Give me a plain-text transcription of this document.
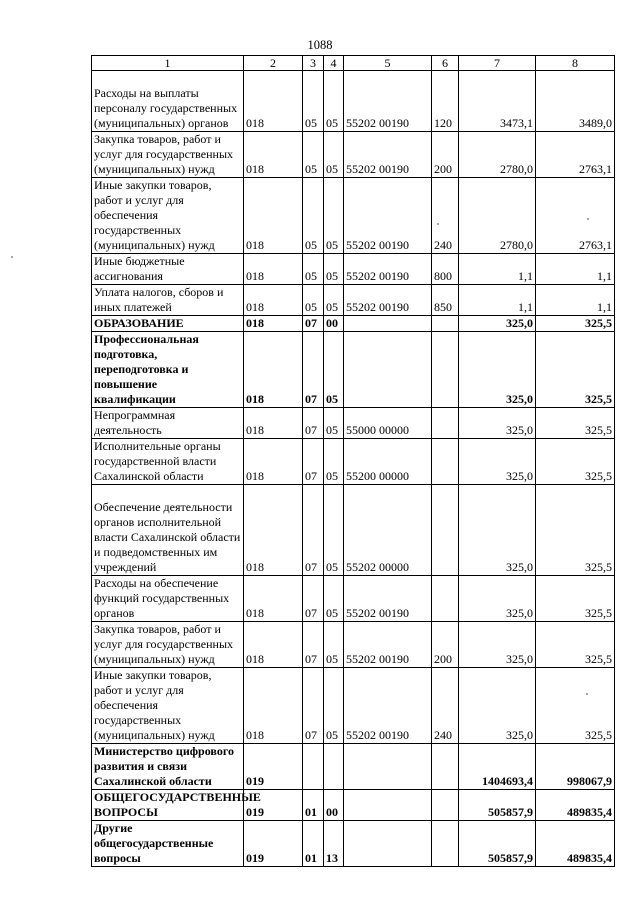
1088
1	2	3	4	5	6	7	8
Расходы на выплаты персоналу государственных (муниципальных) органов	018	05	05	55202 00190	120	3473,1	3489,0
Закупка товаров, работ и услуг для государственных (муниципальных) нужд	018	05	05	55202 00190	200	2780,0	2763,1
Иные закупки товаров, работ и услуг для обеспечения государственных (муниципальных) нужд	018	05	05	55202 00190	240	2780,0	2763,1
Иные бюджетные ассигнования	018	05	05	55202 00190	800	1,1	1,1
Уплата налогов, сборов и иных платежей	018	05	05	55202 00190	850	1,1	1,1
ОБРАЗОВАНИЕ	018	07	00			325,0	325,5
Профессиональная подготовка, переподготовка и повышение квалификации	018	07	05			325,0	325,5
Непрограммная деятельность	018	07	05	55000 00000		325,0	325,5
Исполнительные органы государственной власти Сахалинской области	018	07	05	55200 00000		325,0	325,5
Обеспечение деятельности органов исполнительной власти Сахалинской области и подведомственных им учреждений	018	07	05	55202 00000		325,0	325,5
Расходы на обеспечение функций государственных органов	018	07	05	55202 00190		325,0	325,5
Закупка товаров, работ и услуг для государственных (муниципальных) нужд	018	07	05	55202 00190	200	325,0	325,5
Иные закупки товаров, работ и услуг для обеспечения государственных (муниципальных) нужд	018	07	05	55202 00190	240	325,0	325,5
Министерство цифрового развития и связи Сахалинской области	019					1404693,4	998067,9
ОБЩЕГОСУДАРСТВЕННЫЕ ВОПРОСЫ	019	01	00			505857,9	489835,4
Другие общегосударственные вопросы	019	01	13			505857,9	489835,4
